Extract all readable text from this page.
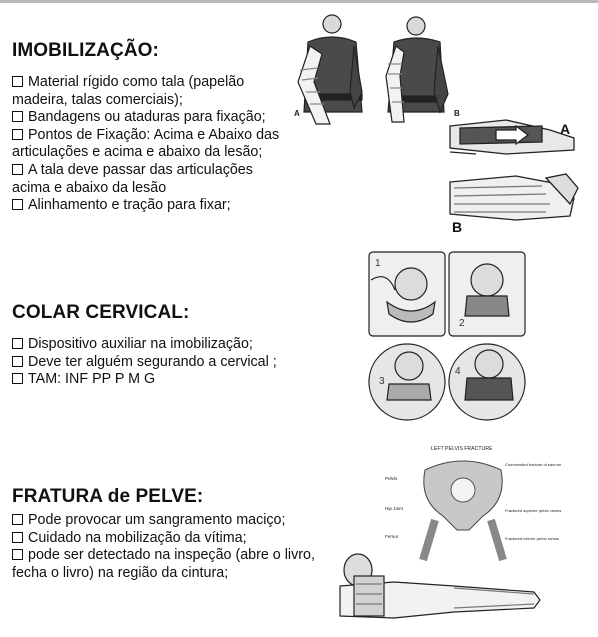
IMOBILIZAÇÃO:
Material rígido como tala (papelão madeira, talas comerciais);
Bandagens ou ataduras para fixação;
Pontos de Fixação: Acima e Abaixo das articulações e acima e abaixo da lesão;
A tala deve passar das articulações acima e abaixo da lesão
Alinhamento e tração para fixar;
COLAR CERVICAL:
Dispositivo auxiliar na imobilização;
Deve ter alguém segurando a cervical ;
TAM: INF PP P M G
FRATURA de PELVE:
Pode provocar um sangramento maciço;
Cuidado na mobilização da vítima;
pode ser detectado na inspeção (abre o livro, fecha o livro) na região da cintura;
A	B
A
B
1
2
3
4
LEFT PELVIS FRACTURE
Pelvis
Hip Joint
Femur
Comminuted fracture of sacrum
Fractured superior pelvic ramus
Fractured inferior pelvic ramus
